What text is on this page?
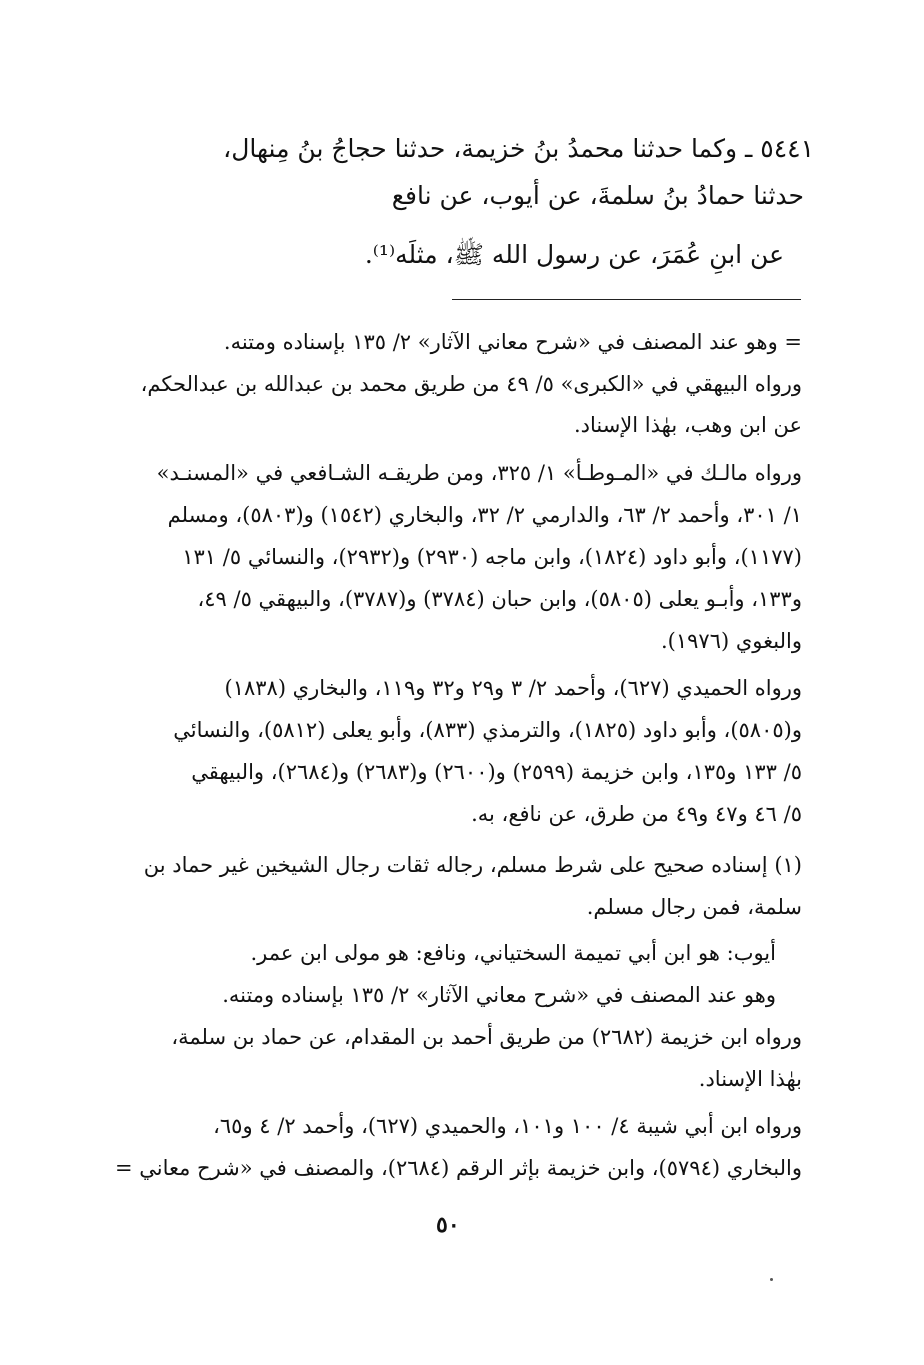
٥٤٤١ ـ وكما حدثنا محمدُ بنُ خزيمة، حدثنا حجاجُ بنُ مِنهال،
حدثنا حمادُ بنُ سلمةَ، عن أيوب، عن نافع
عن ابنِ عُمَرَ، عن رسول الله ﷺ، مثلَه⁽¹⁾.
= وهو عند المصنف في «شرح معاني الآثار» ٢/ ١٣٥ بإسناده ومتنه.
ورواه البيهقي في «الكبرى» ٥/ ٤٩ من طريق محمد بن عبدالله بن عبدالحكم،
عن ابن وهب، بهٰذا الإسناد.
ورواه مالـك في «المـوطـأ» ١/ ٣٢٥، ومن طريقـه الشـافعي في «المسنـد»
١/ ٣٠١، وأحمد ٢/ ٦٣، والدارمي ٢/ ٣٢، والبخاري (١٥٤٢) و(٥٨٠٣)، ومسلم
(١١٧٧)، وأبو داود (١٨٢٤)، وابن ماجه (٢٩٣٠) و(٢٩٣٢)، والنسائي ٥/ ١٣١
و١٣٣، وأبـو يعلى (٥٨٠٥)، وابن حبان (٣٧٨٤) و(٣٧٨٧)، والبيهقي ٥/ ٤٩،
والبغوي (١٩٧٦).
ورواه الحميدي (٦٢٧)، وأحمد ٢/ ٣ و٢٩ و٣٢ و١١٩، والبخاري (١٨٣٨)
و(٥٨٠٥)، وأبو داود (١٨٢٥)، والترمذي (٨٣٣)، وأبو يعلى (٥٨١٢)، والنسائي
٥/ ١٣٣ و١٣٥، وابن خزيمة (٢٥٩٩) و(٢٦٠٠) و(٢٦٨٣) و(٢٦٨٤)، والبيهقي
٥/ ٤٦ و٤٧ و٤٩ من طرق، عن نافع، به.
(١) إسناده صحيح على شرط مسلم، رجاله ثقات رجال الشيخين غير حماد بن
سلمة، فمن رجال مسلم.
أيوب: هو ابن أبي تميمة السختياني، ونافع: هو مولى ابن عمر.
وهو عند المصنف في «شرح معاني الآثار» ٢/ ١٣٥ بإسناده ومتنه.
ورواه ابن خزيمة (٢٦٨٢) من طريق أحمد بن المقدام، عن حماد بن سلمة،
بهٰذا الإسناد.
ورواه ابن أبي شيبة ٤/ ١٠٠ و١٠١، والحميدي (٦٢٧)، وأحمد ٢/ ٤ و٦٥،
والبخاري (٥٧٩٤)، وابن خزيمة بإثر الرقم (٢٦٨٤)، والمصنف في «شرح معاني =
٥٠
